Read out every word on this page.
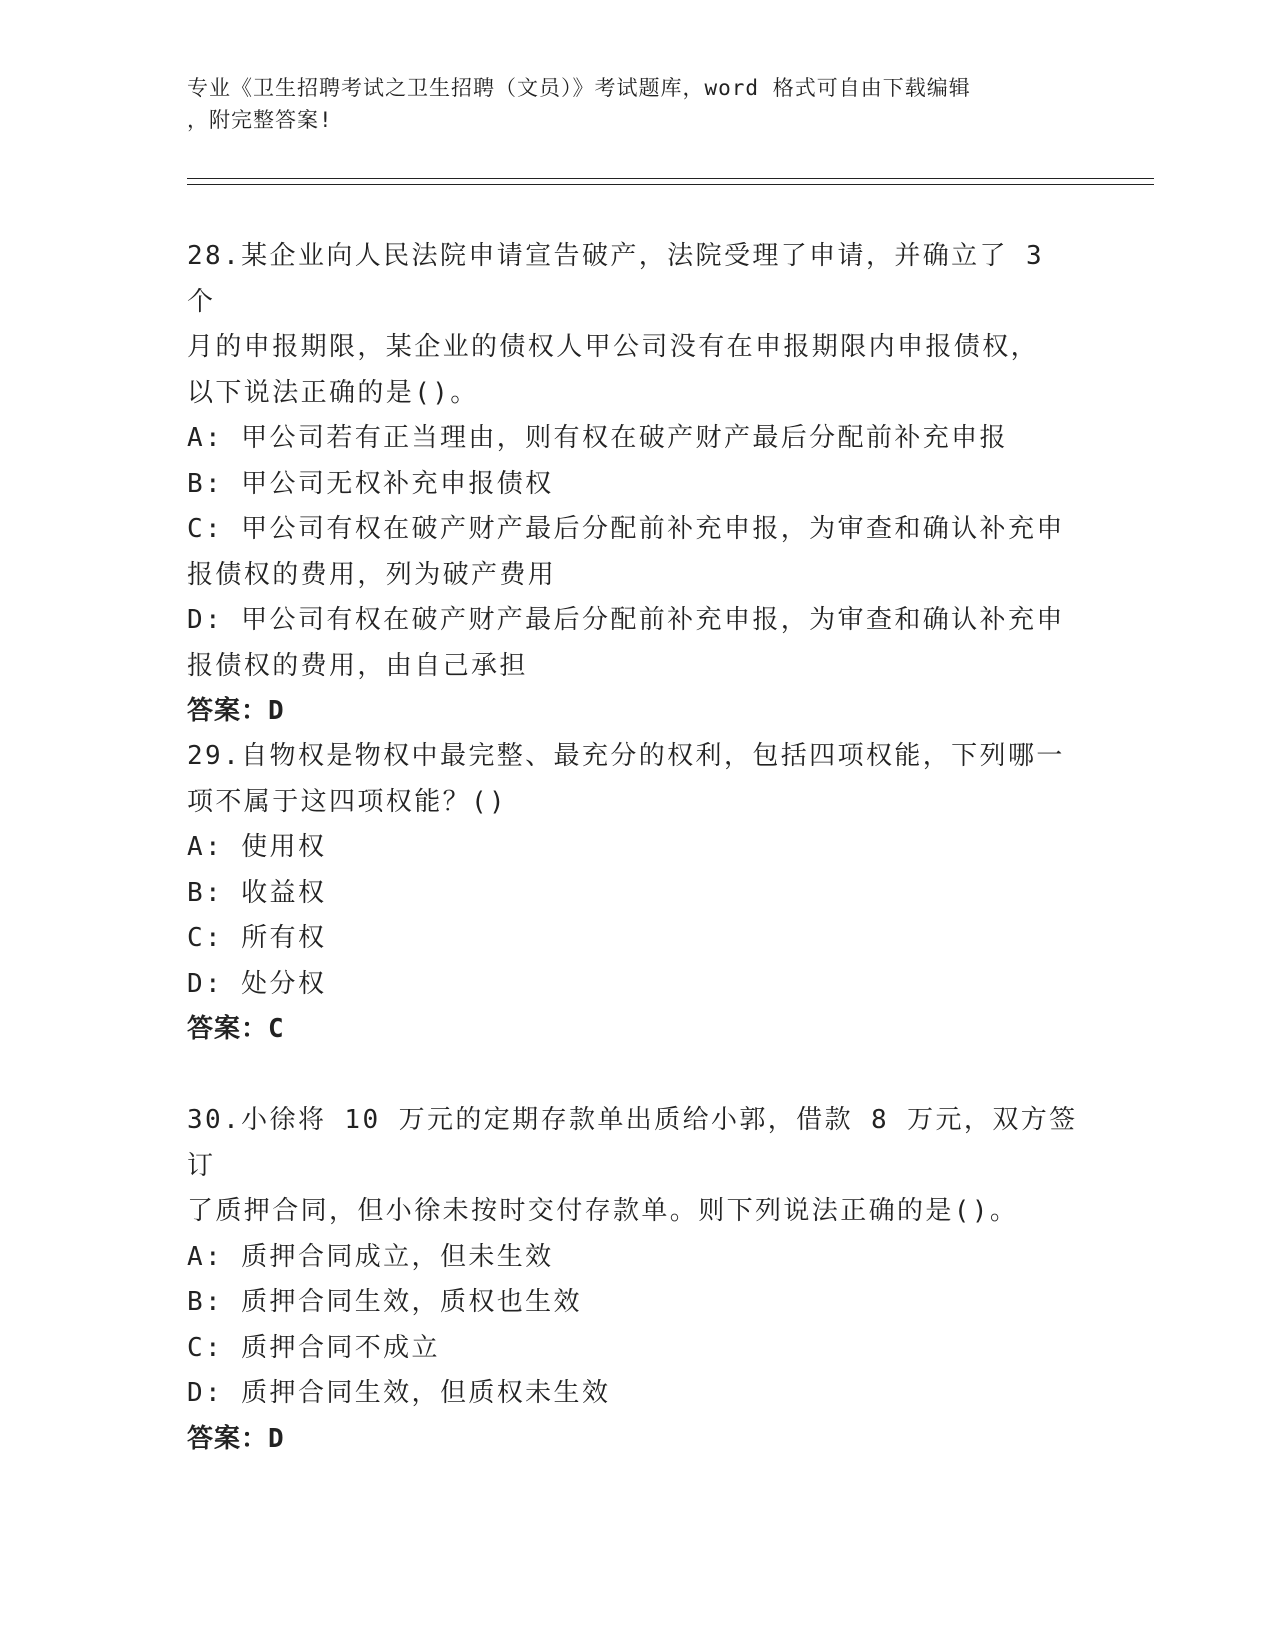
专业《卫生招聘考试之卫生招聘（文员）》考试题库，word 格式可自由下载编辑
，附完整答案!
28.某企业向人民法院申请宣告破产，法院受理了申请，并确立了 3 个
月的申报期限，某企业的债权人甲公司没有在申报期限内申报债权，
以下说法正确的是()。
A: 甲公司若有正当理由，则有权在破产财产最后分配前补充申报
B: 甲公司无权补充申报债权
C: 甲公司有权在破产财产最后分配前补充申报，为审查和确认补充申
报债权的费用，列为破产费用
D: 甲公司有权在破产财产最后分配前补充申报，为审查和确认补充申
报债权的费用，由自己承担
答案：D
29.自物权是物权中最完整、最充分的权利，包括四项权能，下列哪一
项不属于这四项权能？()
A: 使用权
B: 收益权
C: 所有权
D: 处分权
答案：C
30.小徐将 10 万元的定期存款单出质给小郭，借款 8 万元，双方签订
了质押合同，但小徐未按时交付存款单。则下列说法正确的是()。
A: 质押合同成立，但未生效
B: 质押合同生效，质权也生效
C: 质押合同不成立
D: 质押合同生效，但质权未生效
答案：D
